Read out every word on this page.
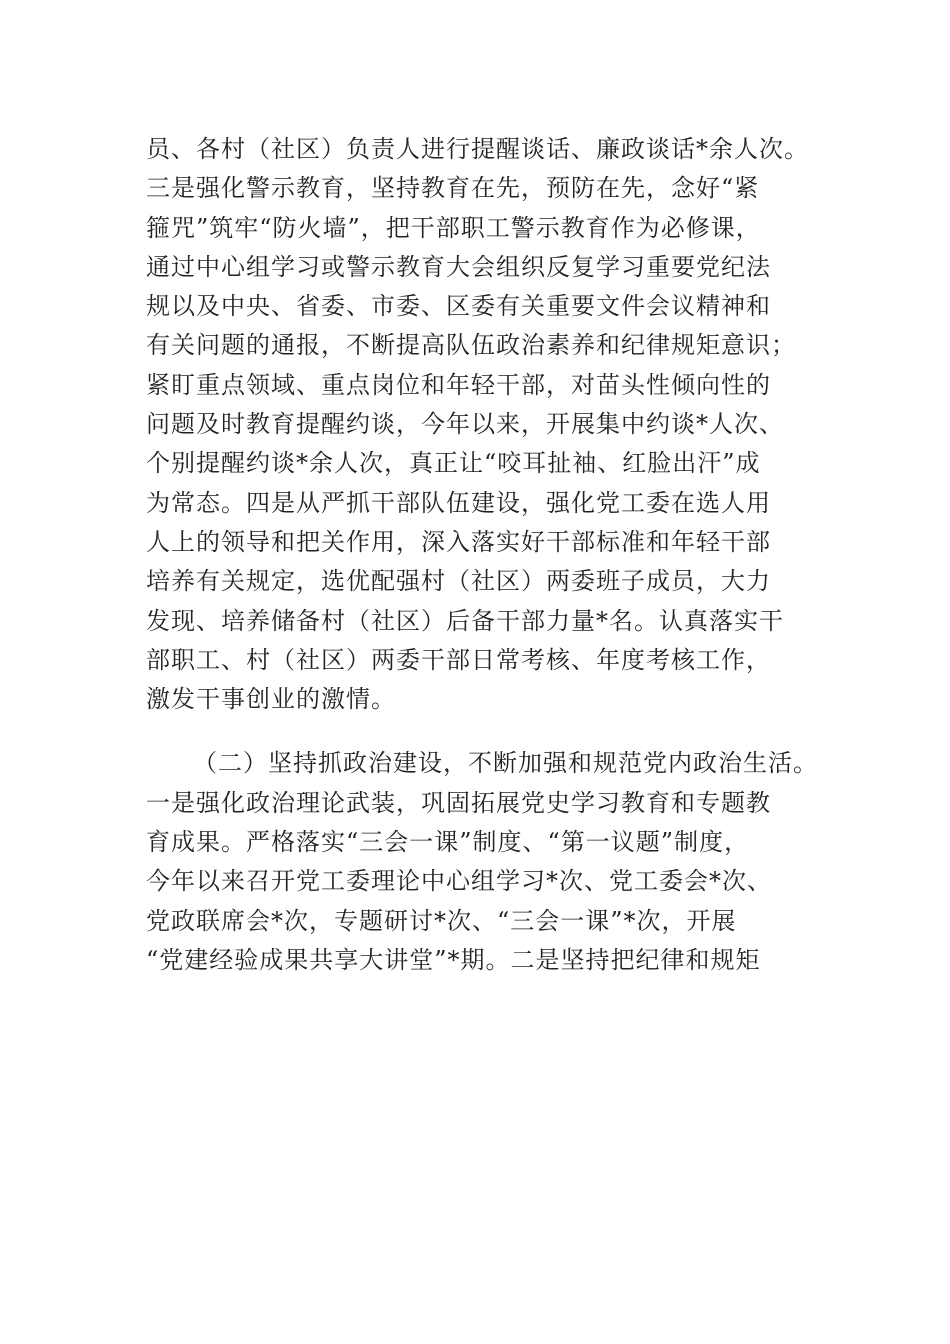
员、各村（社区）负责人进行提醒谈话、廉政谈话*余人次。
三是强化警示教育，坚持教育在先，预防在先，念好“紧
箍咒”筑牢“防火墙”，把干部职工警示教育作为必修课，
通过中心组学习或警示教育大会组织反复学习重要党纪法
规以及中央、省委、市委、区委有关重要文件会议精神和
有关问题的通报，不断提高队伍政治素养和纪律规矩意识；
紧盯重点领域、重点岗位和年轻干部，对苗头性倾向性的
问题及时教育提醒约谈，今年以来，开展集中约谈*人次、
个别提醒约谈*余人次，真正让“咬耳扯袖、红脸出汗”成
为常态。四是从严抓干部队伍建设，强化党工委在选人用
人上的领导和把关作用，深入落实好干部标准和年轻干部
培养有关规定，选优配强村（社区）两委班子成员，大力
发现、培养储备村（社区）后备干部力量*名。认真落实干
部职工、村（社区）两委干部日常考核、年度考核工作，
激发干事创业的激情。
（二）坚持抓政治建设，不断加强和规范党内政治生活。
一是强化政治理论武装，巩固拓展党史学习教育和专题教
育成果。严格落实“三会一课”制度、“第一议题”制度，
今年以来召开党工委理论中心组学习*次、党工委会*次、
党政联席会*次，专题研讨*次、“三会一课”*次，开展
“党建经验成果共享大讲堂”*期。二是坚持把纪律和规矩
